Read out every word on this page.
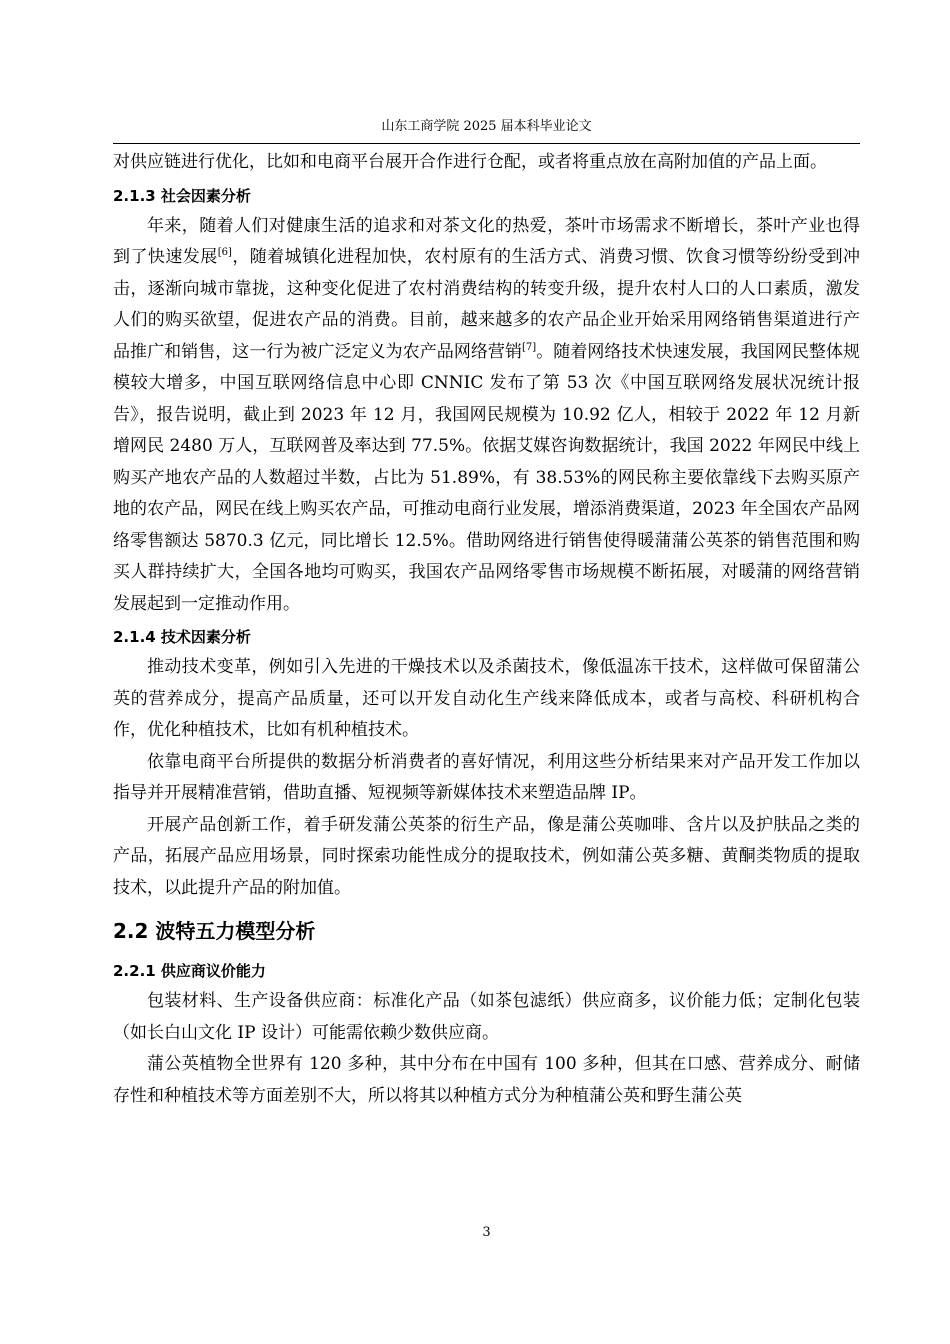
山东工商学院 2025 届本科毕业论文

对供应链进行优化，比如和电商平台展开合作进行仓配，或者将重点放在高附加值的产品上面。

2.1.3 社会因素分析

年来，随着人们对健康生活的追求和对茶文化的热爱，茶叶市场需求不断增长，茶叶产业也得到了快速发展[6]，随着城镇化进程加快，农村原有的生活方式、消费习惯、饮食习惯等纷纷受到冲击，逐渐向城市靠拢，这种变化促进了农村消费结构的转变升级，提升农村人口的人口素质，激发人们的购买欲望，促进农产品的消费。目前，越来越多的农产品企业开始采用网络销售渠道进行产品推广和销售，这一行为被广泛定义为农产品网络营销[7]。随着网络技术快速发展，我国网民整体规模较大增多，中国互联网络信息中心即 CNNIC 发布了第 53 次《中国互联网络发展状况统计报告》，报告说明，截止到 2023 年 12 月，我国网民规模为 10.92 亿人，相较于 2022 年 12 月新增网民 2480 万人，互联网普及率达到 77.5%。依据艾媒咨询数据统计，我国 2022 年网民中线上购买产地农产品的人数超过半数，占比为 51.89%，有 38.53%的网民称主要依靠线下去购买原产地的农产品，网民在线上购买农产品，可推动电商行业发展，增添消费渠道，2023 年全国农产品网络零售额达 5870.3 亿元，同比增长 12.5%。借助网络进行销售使得暖蒲蒲公英茶的销售范围和购买人群持续扩大，全国各地均可购买，我国农产品网络零售市场规模不断拓展，对暖蒲的网络营销发展起到一定推动作用。

2.1.4 技术因素分析

推动技术变革，例如引入先进的干燥技术以及杀菌技术，像低温冻干技术，这样做可保留蒲公英的营养成分，提高产品质量，还可以开发自动化生产线来降低成本，或者与高校、科研机构合作，优化种植技术，比如有机种植技术。

依靠电商平台所提供的数据分析消费者的喜好情况，利用这些分析结果来对产品开发工作加以指导并开展精准营销，借助直播、短视频等新媒体技术来塑造品牌 IP。

开展产品创新工作，着手研发蒲公英茶的衍生产品，像是蒲公英咖啡、含片以及护肤品之类的产品，拓展产品应用场景，同时探索功能性成分的提取技术，例如蒲公英多糖、黄酮类物质的提取技术，以此提升产品的附加值。

2.2 波特五力模型分析
2.2.1 供应商议价能力

包装材料、生产设备供应商：标准化产品（如茶包滤纸）供应商多，议价能力低；定制化包装（如长白山文化 IP 设计）可能需依赖少数供应商。

蒲公英植物全世界有 120 多种，其中分布在中国有 100 多种，但其在口感、营养成分、耐储存性和种植技术等方面差别不大，所以将其以种植方式分为种植蒲公英和野生蒲公英

3
